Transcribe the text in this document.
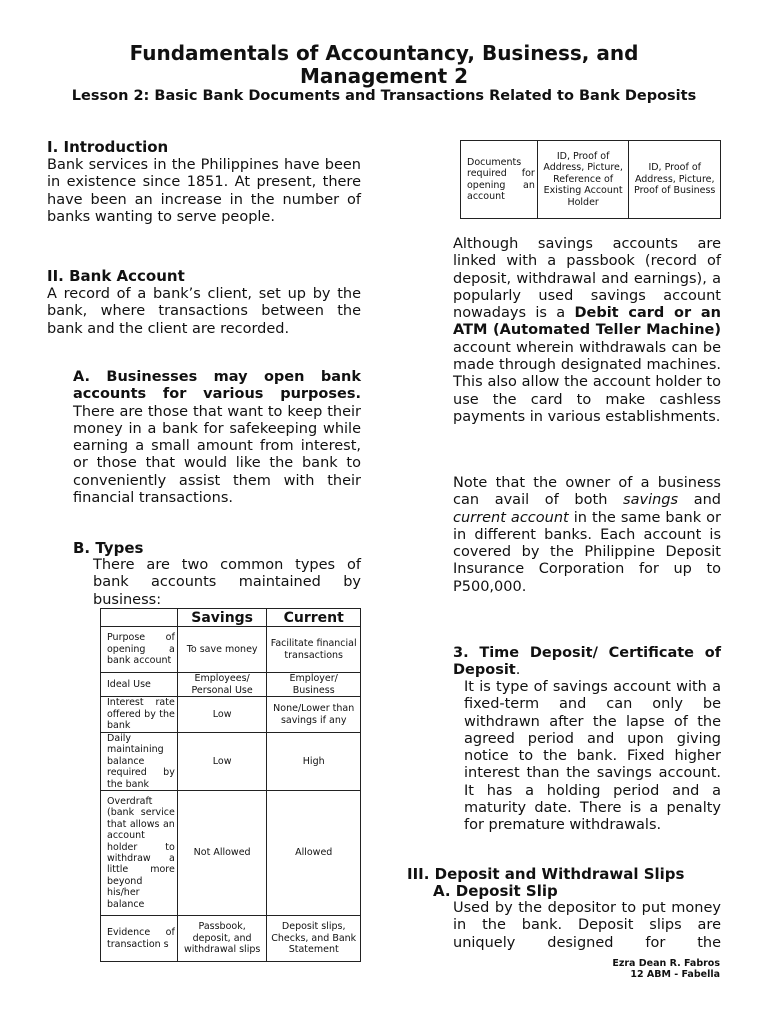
Fundamentals of Accountancy, Business, and
Management 2
Lesson 2: Basic Bank Documents and Transactions Related to Bank Deposits
I. Introduction
Bank services in the Philippines have been in existence since 1851. At present, there have been an increase in the number of banks wanting to serve people.
II. Bank Account
A record of a bank’s client, set up by the bank, where transactions between the bank and the client are recorded.
A. Businesses may open bank accounts for various purposes. There are those that want to keep their money in a bank for safekeeping while earning a small amount from interest, or those that would like the bank to conveniently assist them with their financial transactions.
B. Types
There are two common types of bank accounts maintained by business:
	Savings	Current
Purpose of opening a bank account	To save money	Facilitate financial transactions
Ideal Use	Employees/ Personal Use	Employer/ Business
Interest rate offered by the bank	Low	None/Lower than savings if any
Daily maintaining balance required by the bank	Low	High
Overdraft (bank service that allows an account holder to withdraw a little more beyond his/her balance	Not Allowed	Allowed
Evidence of transaction s	Passbook, deposit, and withdrawal slips	Deposit slips, Checks, and Bank Statement
Documents required for opening an account	ID, Proof of Address, Picture, Reference of Existing Account Holder	ID, Proof of Address, Picture, Proof of Business
Although savings accounts are linked with a passbook (record of deposit, withdrawal and earnings), a popularly used savings account nowadays is a Debit card or an ATM (Automated Teller Machine) account wherein withdrawals can be made through designated machines. This also allow the account holder to use the card to make cashless payments in various establishments.
Note that the owner of a business can avail of both savings and current account in the same bank or in different banks. Each account is covered by the Philippine Deposit Insurance Corporation for up to P500,000.
3. Time Deposit/ Certificate of Deposit.
It is type of savings account with a fixed-term and can only be withdrawn after the lapse of the agreed period and upon giving notice to the bank. Fixed higher interest than the savings account. It has a holding period and a maturity date. There is a penalty for premature withdrawals.
III. Deposit and Withdrawal Slips
A. Deposit Slip
Used by the depositor to put money in the bank. Deposit slips are uniquely designed for the
Ezra Dean R. Fabros
12 ABM - Fabella
